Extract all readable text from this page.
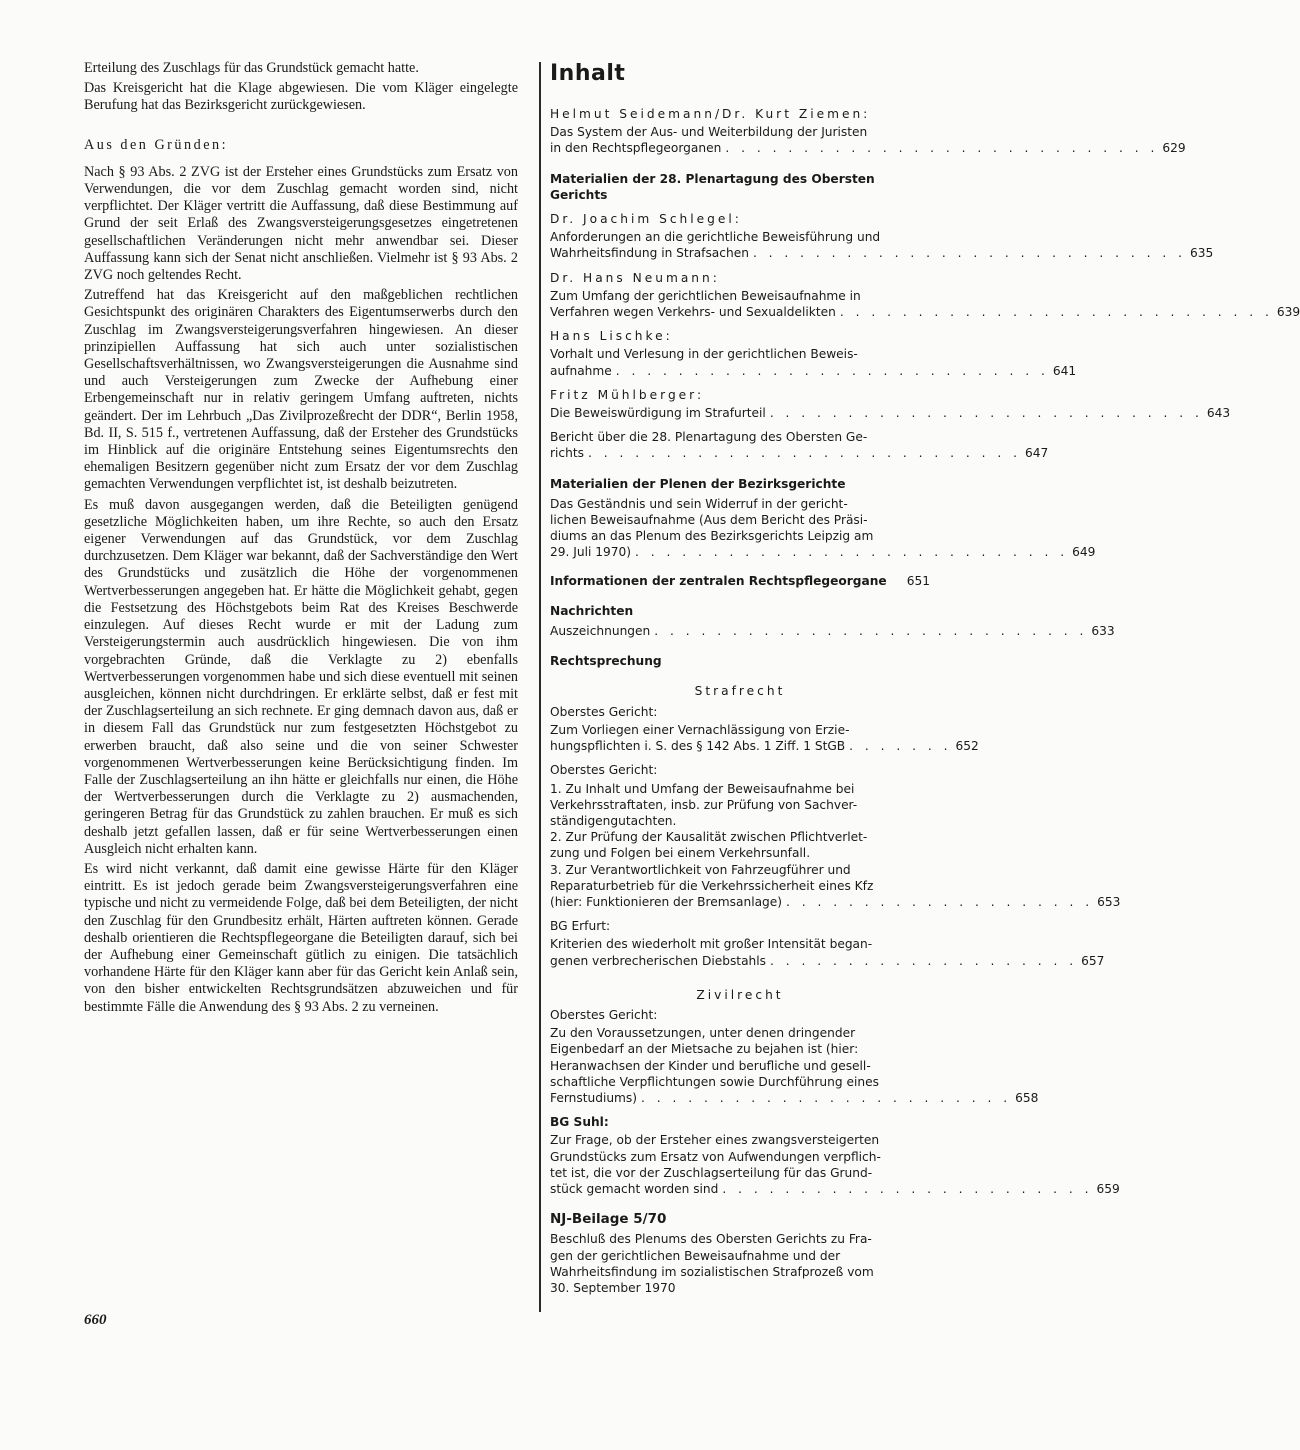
Erteilung des Zuschlags für das Grundstück gemacht hatte.

Das Kreisgericht hat die Klage abgewiesen. Die vom Kläger eingelegte Berufung hat das Bezirksgericht zurückgewiesen.

Aus den Gründen:

Nach § 93 Abs. 2 ZVG ist der Ersteher eines Grundstücks zum Ersatz von Verwendungen, die vor dem Zuschlag gemacht worden sind, nicht verpflichtet. Der Kläger vertritt die Auffassung, daß diese Bestimmung auf Grund der seit Erlaß des Zwangsversteigerungsgesetzes eingetretenen gesellschaftlichen Veränderungen nicht mehr anwendbar sei. Dieser Auffassung kann sich der Senat nicht anschließen. Vielmehr ist § 93 Abs. 2 ZVG noch geltendes Recht.

Zutreffend hat das Kreisgericht auf den maßgeblichen rechtlichen Gesichtspunkt des originären Charakters des Eigentumserwerbs durch den Zuschlag im Zwangsversteigerungsverfahren hingewiesen. An dieser prinzipiellen Auffassung hat sich auch unter sozialistischen Gesellschaftsverhältnissen, wo Zwangsversteigerungen die Ausnahme sind und auch Versteigerungen zum Zwecke der Aufhebung einer Erbengemeinschaft nur in relativ geringem Umfang auftreten, nichts geändert. Der im Lehrbuch „Das Zivilprozeßrecht der DDR“, Berlin 1958, Bd. II, S. 515 f., vertretenen Auffassung, daß der Ersteher des Grundstücks im Hinblick auf die originäre Entstehung seines Eigentumsrechts den ehemaligen Besitzern gegenüber nicht zum Ersatz der vor dem Zuschlag gemachten Verwendungen verpflichtet ist, ist deshalb beizutreten.

Es muß davon ausgegangen werden, daß die Beteiligten genügend gesetzliche Möglichkeiten haben, um ihre Rechte, so auch den Ersatz eigener Verwendungen auf das Grundstück, vor dem Zuschlag durchzusetzen. Dem Kläger war bekannt, daß der Sachverständige den Wert des Grundstücks und zusätzlich die Höhe der vorgenommenen Wertverbesserungen angegeben hat. Er hätte die Möglichkeit gehabt, gegen die Festsetzung des Höchstgebots beim Rat des Kreises Beschwerde einzulegen. Auf dieses Recht wurde er mit der Ladung zum Versteigerungstermin auch ausdrücklich hingewiesen. Die von ihm vorgebrachten Gründe, daß die Verklagte zu 2) ebenfalls Wertverbesserungen vorgenommen habe und sich diese eventuell mit seinen ausgleichen, können nicht durchdringen. Er erklärte selbst, daß er fest mit der Zuschlagserteilung an sich rechnete. Er ging demnach davon aus, daß er in diesem Fall das Grundstück nur zum festgesetzten Höchstgebot zu erwerben braucht, daß also seine und die von seiner Schwester vorgenommenen Wertverbesserungen keine Berücksichtigung finden. Im Falle der Zuschlagserteilung an ihn hätte er gleichfalls nur einen, die Höhe der Wertverbesserungen durch die Verklagte zu 2) ausmachenden, geringeren Betrag für das Grundstück zu zahlen brauchen. Er muß es sich deshalb jetzt gefallen lassen, daß er für seine Wertverbesserungen einen Ausgleich nicht erhalten kann.

Es wird nicht verkannt, daß damit eine gewisse Härte für den Kläger eintritt. Es ist jedoch gerade beim Zwangsversteigerungsverfahren eine typische und nicht zu vermeidende Folge, daß bei dem Beteiligten, der nicht den Zuschlag für den Grundbesitz erhält, Härten auftreten können. Gerade deshalb orientieren die Rechtspflegeorgane die Beteiligten darauf, sich bei der Aufhebung einer Gemeinschaft gütlich zu einigen. Die tatsächlich vorhandene Härte für den Kläger kann aber für das Gericht kein Anlaß sein, von den bisher entwickelten Rechtsgrundsätzen abzuweichen und für bestimmte Fälle die Anwendung des § 93 Abs. 2 zu verneinen.

660
Inhalt
Helmut Seidemann/Dr. Kurt Ziemen:
Das System der Aus- und Weiterbildung der Juristen
in den Rechtspflegeorganen . . . . . . . . . . . . . . . . . . . . . . . . . . . . 629
Materialien der 28. Plenartagung des Obersten Gerichts
Dr. Joachim Schlegel:
Anforderungen an die gerichtliche Beweisführung und
Wahrheitsfindung in Strafsachen . . . . . . . . . . . . . . . . . . . . . . . . . . . . 635
Dr. Hans Neumann:
Zum Umfang der gerichtlichen Beweisaufnahme in
Verfahren wegen Verkehrs- und Sexualdelikten . . . . . . . . . . . . . . . . . . . . . . . . . . . . 639
Hans Lischke:
Vorhalt und Verlesung in der gerichtlichen Beweis-
aufnahme . . . . . . . . . . . . . . . . . . . . . . . . . . . . 641
Fritz Mühlberger:
Die Beweiswürdigung im Strafurteil . . . . . . . . . . . . . . . . . . . . . . . . . . . . 643
Bericht über die 28. Plenartagung des Obersten Ge-
richts . . . . . . . . . . . . . . . . . . . . . . . . . . . . 647
Materialien der Plenen der Bezirksgerichte
Das Geständnis und sein Widerruf in der gericht-
lichen Beweisaufnahme (Aus dem Bericht des Präsi-
diums an das Plenum des Bezirksgerichts Leipzig am
29. Juli 1970) . . . . . . . . . . . . . . . . . . . . . . . . . . . . 649
Informationen der zentralen Rechtspflegeorgane	651
Nachrichten
Auszeichnungen . . . . . . . . . . . . . . . . . . . . . . . . . . . . 633
Rechtsprechung
Strafrecht
Oberstes Gericht:
Zum Vorliegen einer Vernachlässigung von Erzie-
hungspflichten i. S. des § 142 Abs. 1 Ziff. 1 StGB . . . . . . . 652
Oberstes Gericht:
1. Zu Inhalt und Umfang der Beweisaufnahme bei
Verkehrsstraftaten, insb. zur Prüfung von Sachver-
ständigengutachten.
2. Zur Prüfung der Kausalität zwischen Pflichtverlet-
zung und Folgen bei einem Verkehrsunfall.
3. Zur Verantwortlichkeit von Fahrzeugführer und
Reparaturbetrieb für die Verkehrssicherheit eines Kfz
(hier: Funktionieren der Bremsanlage) . . . . . . . . . . . . . . . . . . . . 653
BG Erfurt:
Kriterien des wiederholt mit großer Intensität began-
genen verbrecherischen Diebstahls . . . . . . . . . . . . . . . . . . . . 657
Zivilrecht
Oberstes Gericht:
Zu den Voraussetzungen, unter denen dringender
Eigenbedarf an der Mietsache zu bejahen ist (hier:
Heranwachsen der Kinder und berufliche und gesell-
schaftliche Verpflichtungen sowie Durchführung eines
Fernstudiums) . . . . . . . . . . . . . . . . . . . . . . . . 658
BG Suhl:
Zur Frage, ob der Ersteher eines zwangsversteigerten
Grundstücks zum Ersatz von Aufwendungen verpflich-
tet ist, die vor der Zuschlagserteilung für das Grund-
stück gemacht worden sind . . . . . . . . . . . . . . . . . . . . . . . . 659
NJ-Beilage 5/70
Beschluß des Plenums des Obersten Gerichts zu Fra-
gen der gerichtlichen Beweisaufnahme und der
Wahrheitsfindung im sozialistischen Strafprozeß vom
30. September 1970
